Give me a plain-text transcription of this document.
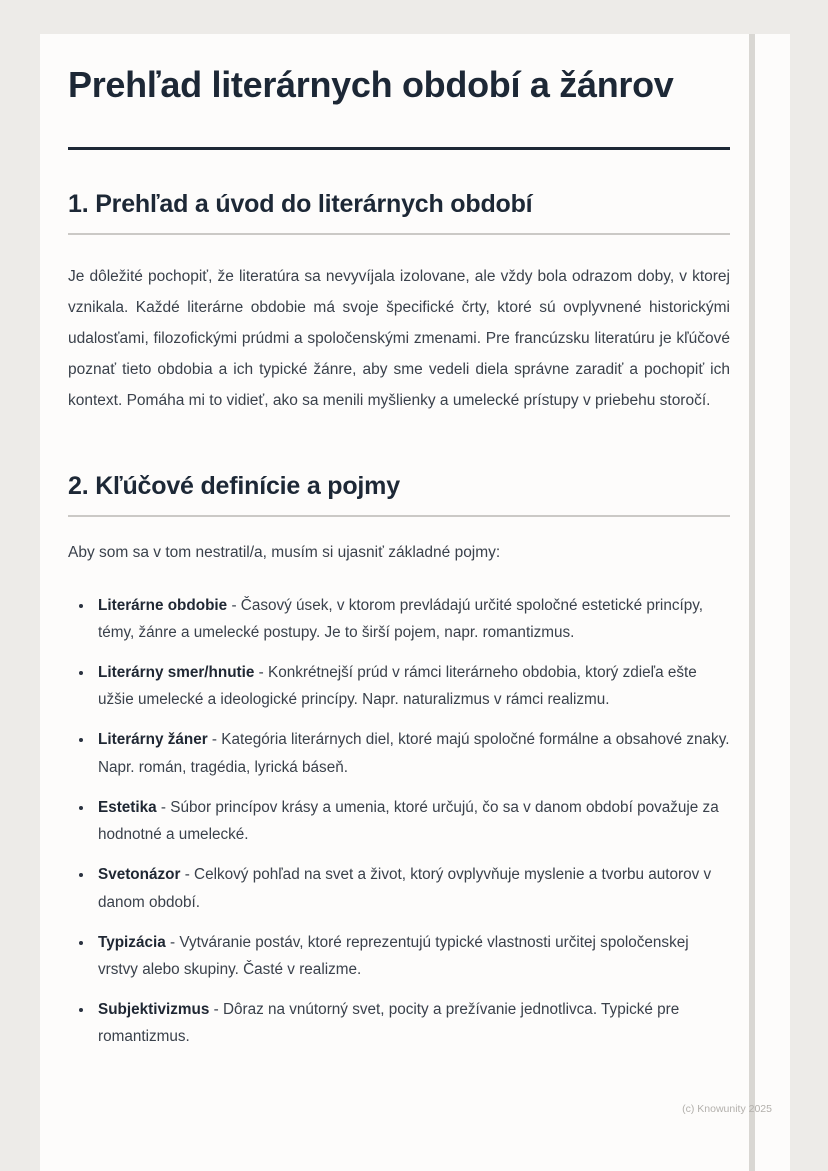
Prehľad literárnych období a žánrov
1. Prehľad a úvod do literárnych období

Je dôležité pochopiť, že literatúra sa nevyvíjala izolovane, ale vždy bola odrazom doby, v ktorej vznikala. Každé literárne obdobie má svoje špecifické črty, ktoré sú ovplyvnené historickými udalosťami, filozofickými prúdmi a spoločenskými zmenami. Pre francúzsku literatúru je kľúčové poznať tieto obdobia a ich typické žánre, aby sme vedeli diela správne zaradiť a pochopiť ich kontext. Pomáha mi to vidieť, ako sa menili myšlienky a umelecké prístupy v priebehu storočí.

2. Kľúčové definície a pojmy

Aby som sa v tom nestratil/a, musím si ujasniť základné pojmy:

• Literárne obdobie - Časový úsek, v ktorom prevládajú určité spoločné estetické princípy, témy, žánre a umelecké postupy. Je to širší pojem, napr. romantizmus.
• Literárny smer/hnutie - Konkrétnejší prúd v rámci literárneho obdobia, ktorý zdieľa ešte užšie umelecké a ideologické princípy. Napr. naturalizmus v rámci realizmu.
• Literárny žáner - Kategória literárnych diel, ktoré majú spoločné formálne a obsahové znaky. Napr. román, tragédia, lyrická báseň.
• Estetika - Súbor princípov krásy a umenia, ktoré určujú, čo sa v danom období považuje za hodnotné a umelecké.
• Svetonázor - Celkový pohľad na svet a život, ktorý ovplyvňuje myslenie a tvorbu autorov v danom období.
• Typizácia - Vytváranie postáv, ktoré reprezentujú typické vlastnosti určitej spoločenskej vrstvy alebo skupiny. Časté v realizme.
• Subjektivizmus - Dôraz na vnútorný svet, pocity a prežívanie jednotlivca. Typické pre romantizmus.
(c) Knowunity 2025
